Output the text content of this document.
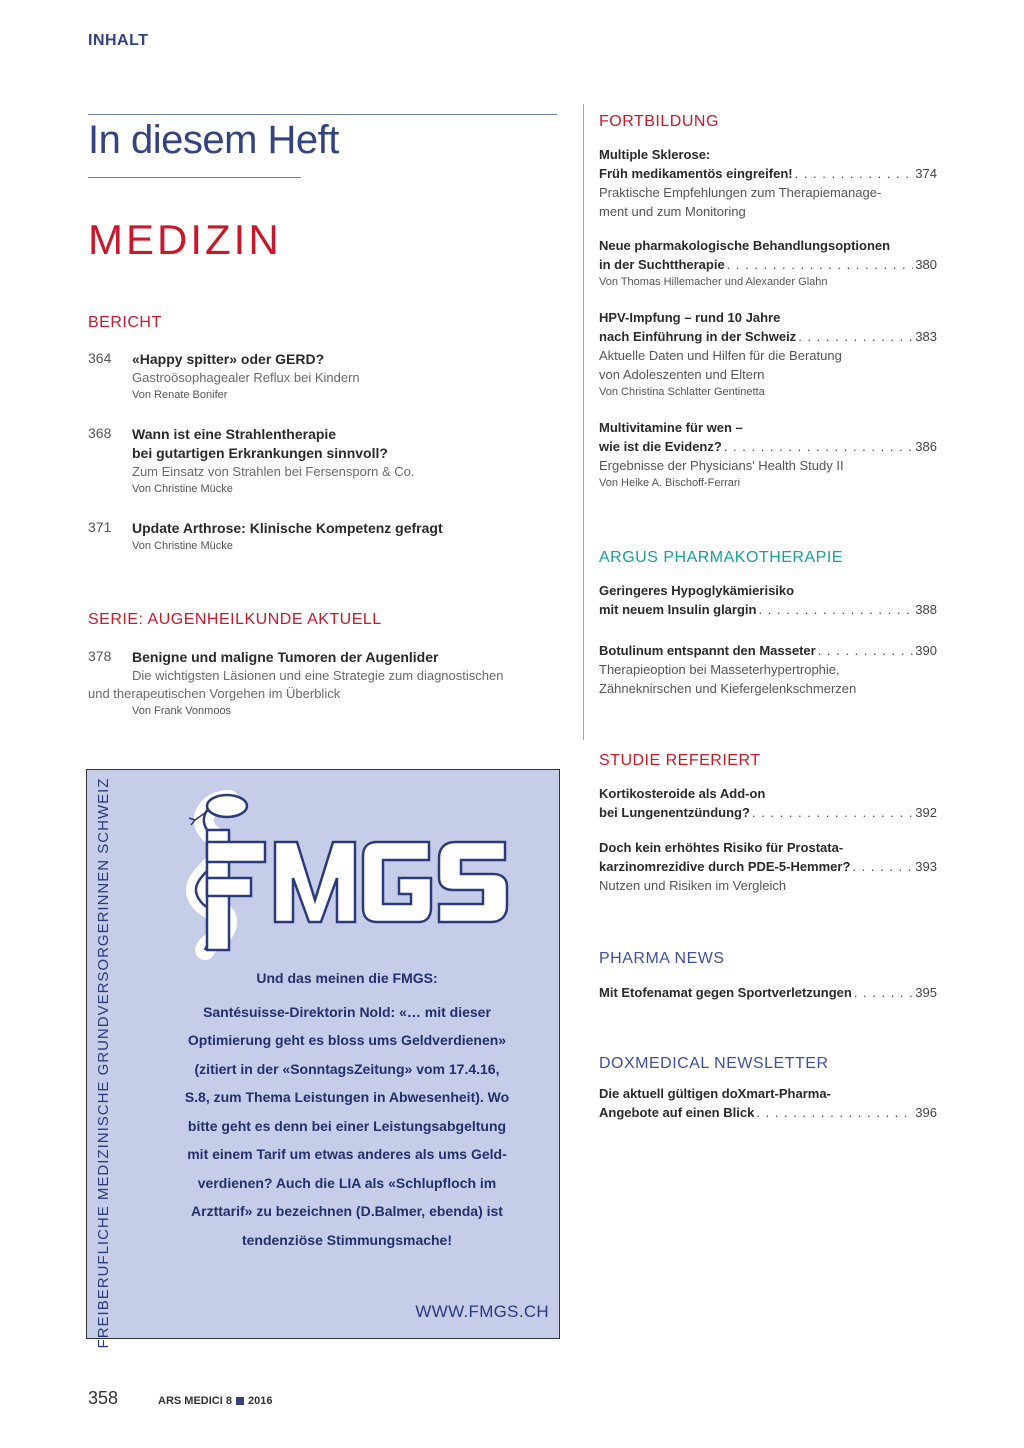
INHALT
In diesem Heft
MEDIZIN
BERICHT
364 «Happy spitter» oder GERD?
Gastroösophagealer Reflux bei Kindern
Von Renate Bonifer
368 Wann ist eine Strahlentherapie
bei gutartigen Erkrankungen sinnvoll?
Zum Einsatz von Strahlen bei Fersensporn & Co.
Von Christine Mücke
371 Update Arthrose: Klinische Kompetenz gefragt
Von Christine Mücke
SERIE: AUGENHEILKUNDE AKTUELL
378 Benigne und maligne Tumoren der Augenlider
Die wichtigsten Läsionen und eine Strategie zum diagnostischen
und therapeutischen Vorgehen im Überblick
Von Frank Vonmoos
FREIBERUFLICHE MEDIZINISCHE GRUNDVERSORGERINNEN SCHWEIZ	Und das meinen die FMGS:
Santésuisse-Direktorin Nold: «… mit dieser
Optimierung geht es bloss ums Geldverdienen»
(zitiert in der «SonntagsZeitung» vom 17.4.16,
S.8, zum Thema Leistungen in Abwesenheit). Wo
bitte geht es denn bei einer Leistungsabgeltung
mit einem Tarif um etwas anderes als ums Geld-
verdienen? Auch die LIA als «Schlupfloch im
Arzttarif» zu bezeichnen (D.Balmer, ebenda) ist
tendenziöse Stimmungsmache!
WWW.FMGS.CH
FORTBILDUNG
Multiple Sklerose:
Früh medikamentös eingreifen! . . .	374
Praktische Empfehlungen zum Therapiemanage-
ment und zum Monitoring
Neue pharmakologische Behandlungsoptionen
in der Suchttherapie . . .	380
Von Thomas Hillemacher und Alexander Glahn
HPV-Impfung – rund 10 Jahre
nach Einführung in der Schweiz . . .	383
Aktuelle Daten und Hilfen für die Beratung
von Adoleszenten und Eltern
Von Christina Schlatter Gentinetta
Multivitamine für wen –
wie ist die Evidenz? . . .	386
Ergebnisse der Physicians' Health Study II
Von Heike A. Bischoff-Ferrari
ARGUS PHARMAKOTHERAPIE
Geringeres Hypoglykämierisiko
mit neuem Insulin glargin . . .	388
Botulinum entspannt den Masseter . . .	390
Therapieoption bei Masseterhypertrophie,
Zähneknirschen und Kiefergelenkschmerzen
STUDIE REFERIERT
Kortikosteroide als Add-on
bei Lungenentzündung? . . .	392
Doch kein erhöhtes Risiko für Prostata-
karzinomrezidive durch PDE-5-Hemmer? . . .	393
Nutzen und Risiken im Vergleich
PHARMA NEWS
Mit Etofenamat gegen Sportverletzungen . . .	395
DOXMEDICAL NEWSLETTER
Die aktuell gültigen doXmart-Pharma-
Angebote auf einen Blick . . .	396
358	ARS MEDICI 8 2016
